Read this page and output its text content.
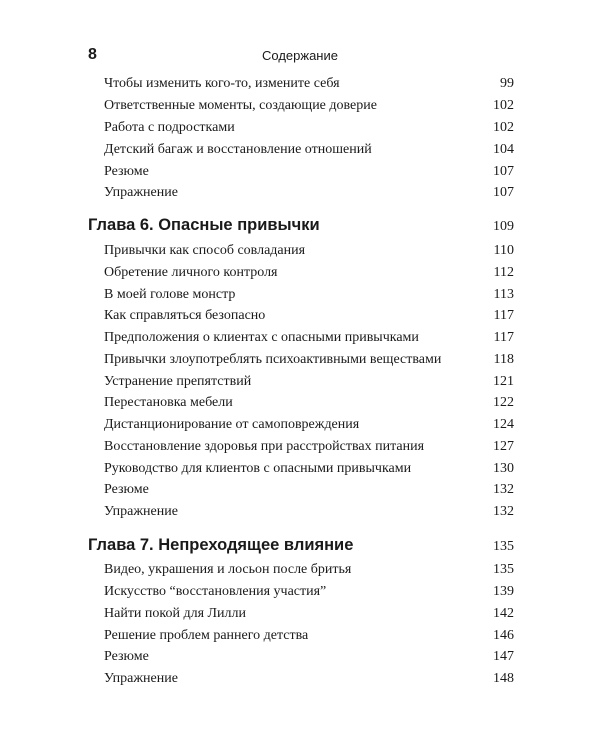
8	Содержание
Чтобы изменить кого-то, измените себя	99
Ответственные моменты, создающие доверие	102
Работа с подростками	102
Детский багаж и восстановление отношений	104
Резюме	107
Упражнение	107
Глава 6. Опасные привычки	109
Привычки как способ совладания	110
Обретение личного контроля	112
В моей голове монстр	113
Как справляться безопасно	117
Предположения о клиентах с опасными привычками	117
Привычки злоупотреблять психоактивными веществами	118
Устранение препятствий	121
Перестановка мебели	122
Дистанционирование от самоповреждения	124
Восстановление здоровья при расстройствах питания	127
Руководство для клиентов с опасными привычками	130
Резюме	132
Упражнение	132
Глава 7. Непреходящее влияние	135
Видео, украшения и лосьон после бритья	135
Искусство “восстановления участия”	139
Найти покой для Лилли	142
Решение проблем раннего детства	146
Резюме	147
Упражнение	148
